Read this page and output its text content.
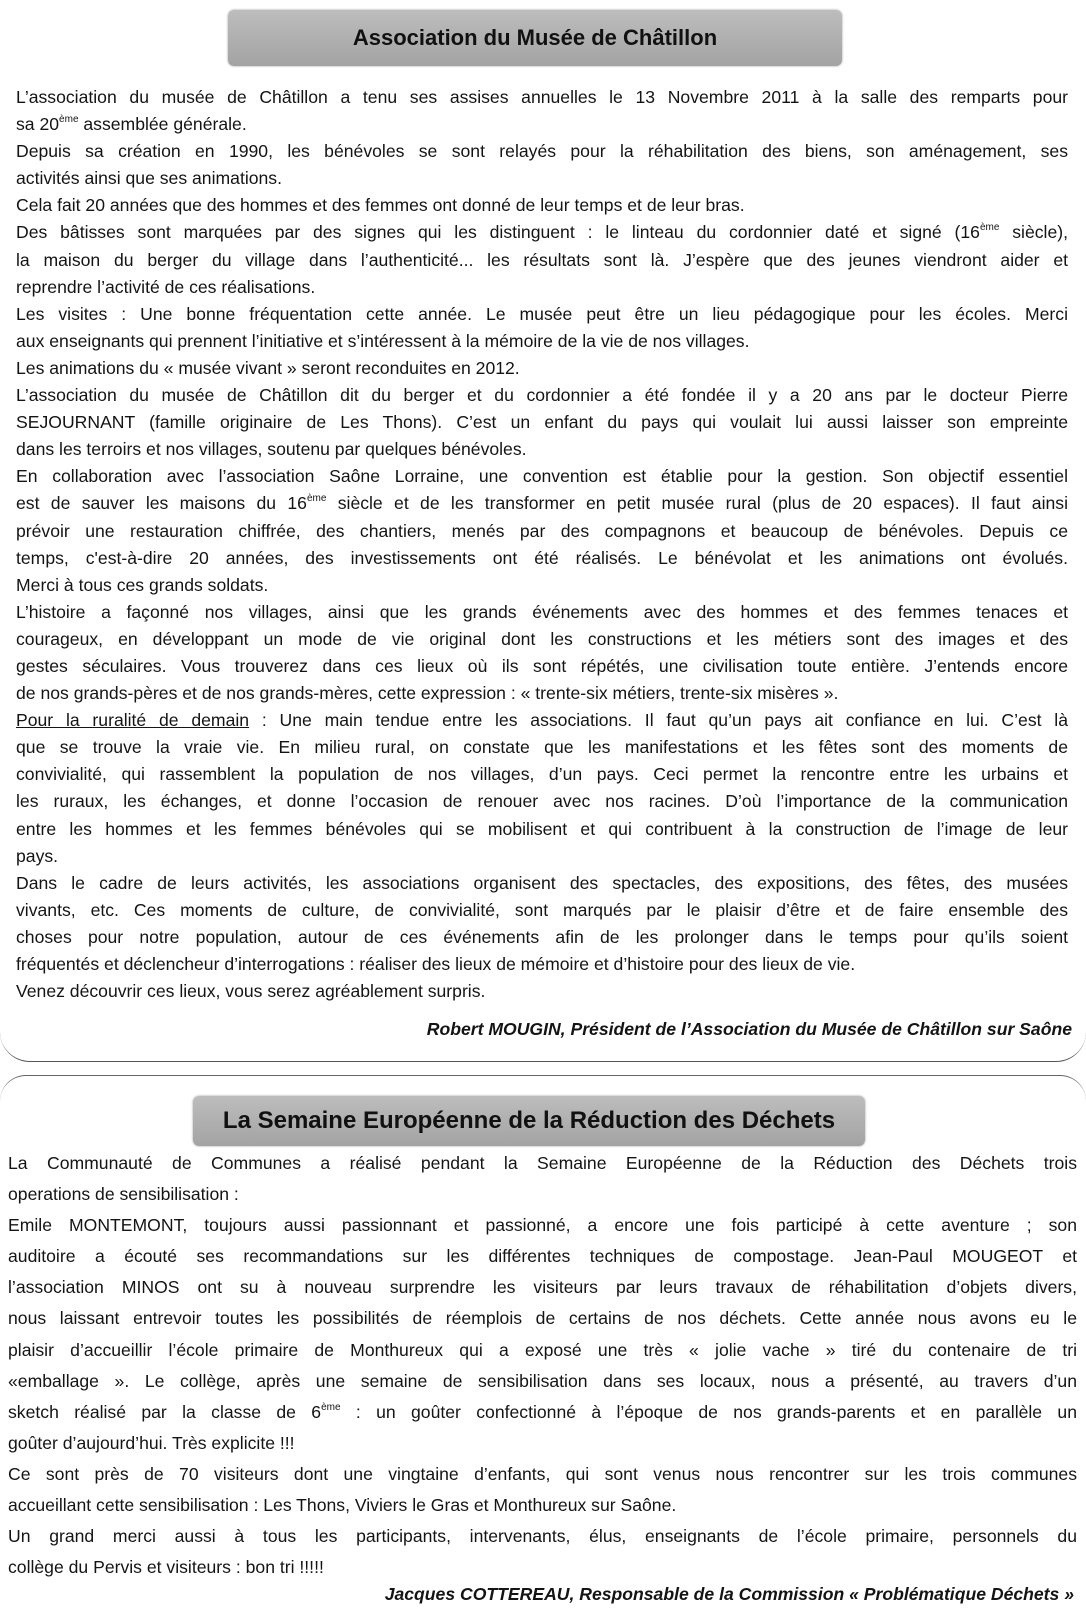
Association du Musée de Châtillon
L’association du musée de Châtillon a tenu ses assises annuelles le 13 Novembre 2011 à la salle des remparts pour
sa 20ème assemblée générale.
Depuis sa création en 1990, les bénévoles se sont relayés pour la réhabilitation des biens, son aménagement, ses
activités ainsi que ses animations.
Cela fait 20 années que des hommes et des femmes ont donné de leur temps et de leur bras.
Des bâtisses sont marquées par des signes qui les distinguent : le linteau du cordonnier daté et signé (16ème siècle),
la maison du berger du village dans l’authenticité... les résultats sont là. J’espère que des jeunes viendront aider et
reprendre l’activité de ces réalisations.
Les visites : Une bonne fréquentation cette année. Le musée peut être un lieu pédagogique pour les écoles. Merci
aux enseignants qui prennent l’initiative et s’intéressent à la mémoire de la vie de nos villages.
Les animations du « musée vivant » seront reconduites en 2012.
L’association du musée de Châtillon dit du berger et du cordonnier a été fondée il y a 20 ans par le docteur Pierre
SEJOURNANT (famille originaire de Les Thons). C’est un enfant du pays qui voulait lui aussi laisser son empreinte
dans les terroirs et nos villages, soutenu par quelques bénévoles.
En collaboration avec l’association Saône Lorraine, une convention est établie pour la gestion. Son objectif essentiel
est de sauver les maisons du 16ème siècle et de les transformer en petit musée rural (plus de 20 espaces). Il faut ainsi
prévoir une restauration chiffrée, des chantiers, menés par des compagnons et beaucoup de bénévoles. Depuis ce
temps, c'est-à-dire 20 années, des investissements ont été réalisés. Le bénévolat et les animations ont évolués.
Merci à tous ces grands soldats.
L’histoire a façonné nos villages, ainsi que les grands événements avec des hommes et des femmes tenaces et
courageux, en développant un mode de vie original dont les constructions et les métiers sont des images et des
gestes séculaires. Vous trouverez dans ces lieux où ils sont répétés, une civilisation toute entière. J’entends encore
de nos grands-pères et de nos grands-mères, cette expression : « trente-six métiers, trente-six misères ».
Pour la ruralité de demain : Une main tendue entre les associations. Il faut qu’un pays ait confiance en lui. C’est là
que se trouve la vraie vie. En milieu rural, on constate que les manifestations et les fêtes sont des moments de
convivialité, qui rassemblent la population de nos villages, d’un pays. Ceci permet la rencontre entre les urbains et
les ruraux, les échanges, et donne l’occasion de renouer avec nos racines. D’où l’importance de la communication
entre les hommes et les femmes bénévoles qui se mobilisent et qui contribuent à la construction de l’image de leur
pays.
Dans le cadre de leurs activités, les associations organisent des spectacles, des expositions, des fêtes, des musées
vivants, etc. Ces moments de culture, de convivialité, sont marqués par le plaisir d’être et de faire ensemble des
choses pour notre population, autour de ces événements afin de les prolonger dans le temps pour qu’ils soient
fréquentés et déclencheur d’interrogations : réaliser des lieux de mémoire et d’histoire pour des lieux de vie.
Venez découvrir ces lieux, vous serez agréablement surpris.
Robert MOUGIN, Président de l’Association du Musée de Châtillon sur Saône
La Semaine Européenne de la Réduction des Déchets
La Communauté de Communes a réalisé pendant la Semaine Européenne de la Réduction des Déchets trois
operations de sensibilisation :
Emile MONTEMONT, toujours aussi passionnant et passionné, a encore une fois participé à cette aventure ; son
auditoire a écouté ses recommandations sur les différentes techniques de compostage. Jean-Paul MOUGEOT et
l’association MINOS ont su à nouveau surprendre les visiteurs par leurs travaux de réhabilitation d’objets divers,
nous laissant entrevoir toutes les possibilités de réemplois de certains de nos déchets. Cette année nous avons eu le
plaisir d’accueillir l’école primaire de Monthureux qui a exposé une très « jolie vache » tiré du contenaire de tri
«emballage ». Le collège, après une semaine de sensibilisation dans ses locaux, nous a présenté, au travers d’un
sketch réalisé par la classe de 6ème : un goûter confectionné à l’époque de nos grands-parents et en parallèle un
goûter d’aujourd’hui. Très explicite !!!
Ce sont près de 70 visiteurs dont une vingtaine d’enfants, qui sont venus nous rencontrer sur les trois communes
accueillant cette sensibilisation : Les Thons, Viviers le Gras et Monthureux sur Saône.
Un grand merci aussi à tous les participants, intervenants, élus, enseignants de l’école primaire, personnels du
collège du Pervis et visiteurs : bon tri !!!!!
Jacques COTTEREAU, Responsable de la Commission « Problématique Déchets »
